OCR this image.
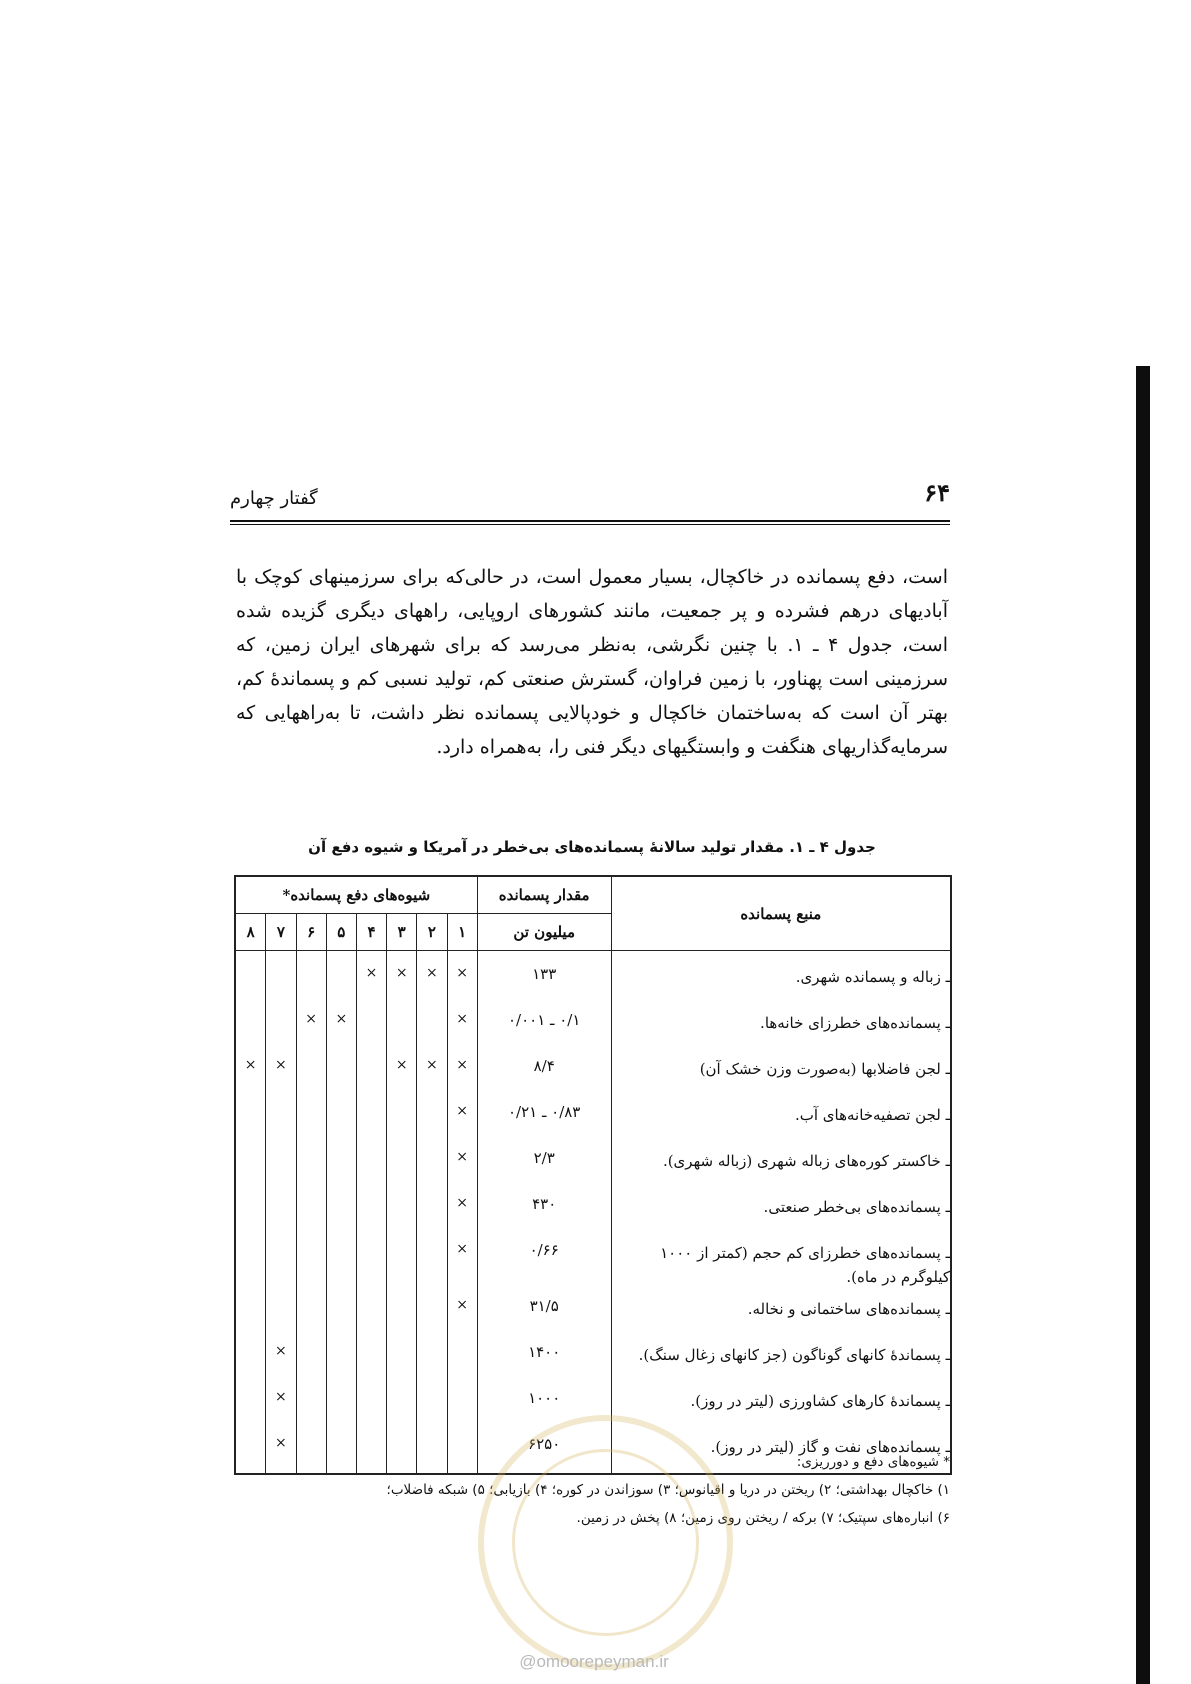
۶۴
گفتار چهارم

است، دفع پسمانده در خاکچال، بسیار معمول است، در حالی‌که برای سرزمینهای کوچک با آبادیهای درهم فشرده و پر جمعیت، مانند کشورهای اروپایی، راههای دیگری گزیده شده است، جدول ۴ ـ ۱. با چنین نگرشی، به‌نظر می‌رسد که برای شهرهای ایران زمین، که سرزمینی است پهناور، با زمین فراوان، گسترش صنعتی کم، تولید نسبی کم و پسماندهٔ کم، بهتر آن است که به‌ساختمان خاکچال و خودپالایی پسمانده نظر داشت، تا به‌راههایی که سرمایه‌گذاریهای هنگفت و وابستگیهای دیگر فنی را، به‌همراه دارد.

جدول ۴ ـ ۱. مقدار تولید سالانهٔ پسمانده‌های بی‌خطر در آمریکا و شیوه دفع آن
منبع پسمانده	مقدار پسمانده	شیوه‌های دفع پسمانده*							
	میلیون تن	۱	۲	۳	۴	۵	۶	۷	۸
ـ زباله و پسمانده شهری.	۱۳۳	×	×	×	×				
ـ پسمانده‌های خطرزای خانه‌ها.	۰/۱ ـ ۰/۰۰۱	×				×	×		
ـ لجن فاضلابها (به‌صورت وزن خشک آن)	۸/۴	×	×	×				×	×
ـ لجن تصفیه‌خانه‌های آب.	۰/۸۳ ـ ۰/۲۱	×							
ـ خاکستر کوره‌های زباله شهری (زباله شهری).	۲/۳	×							
ـ پسمانده‌های بی‌خطر صنعتی.	۴۳۰	×							
ـ پسمانده‌های خطرزای کم حجم (کمتر از ۱۰۰۰ کیلوگرم در ماه).	۰/۶۶	×							
ـ پسمانده‌های ساختمانی و نخاله.	۳۱/۵	×							
ـ پسماندهٔ کانهای گوناگون (جز کانهای زغال سنگ).	۱۴۰۰							×	
ـ پسماندهٔ کارهای کشاورزی (لیتر در روز).	۱۰۰۰							×	
ـ پسمانده‌های نفت و گاز (لیتر در روز).	۶۲۵۰							×	

* شیوه‌های دفع و دورریزی:

۱) خاکچال بهداشتی؛ ۲) ریختن در دریا و اقیانوس؛ ۳) سوزاندن در کوره؛ ۴) بازیابی؛ ۵) شبکه فاضلاب؛

۶) انباره‌های سپتیک؛ ۷) برکه / ریختن روی زمین؛ ۸) پخش در زمین.

@omoorepeyman.ir
